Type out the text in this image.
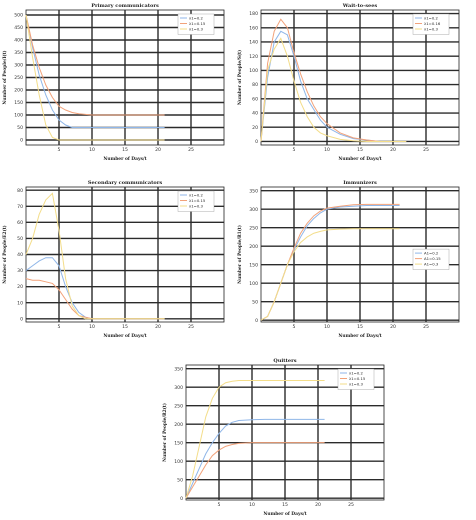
Primary communicators
5	10	15	20	25
0
50
100
150
200
250
300
350
400
450
500
Number of Days/t
Number of People/I(t)
λ1=0.2
λ1=0.15
λ1=0.3
Wait-to-sees
5	10	15	20	25
0
20
40
60
80
100
120
140
160
180
Number of Days/t
Number of People/S(t)
λ1=0.2
λ1=0.16
λ1=0.3
Secondary communicators
5	10	15	20	25
0
10
20
30
40
50
60
70
80
Number of Days/t
Number of People/E2(t)
λ1=0.2
λ1=0.15
λ1=0.3
Immunizers
5	10	15	20	25
0
50
100
150
200
250
300
350
Number of Days/t
Number of People/R1(t)	A1=0.2
A1=0.15
A1=0.3
Quitters
5	10	15	20	25
0
50
100
150
200
250
300
350
Number of Days/t
Number of People/R2(t)
λ1=0.2
λ1=0.15
λ1=0.3
